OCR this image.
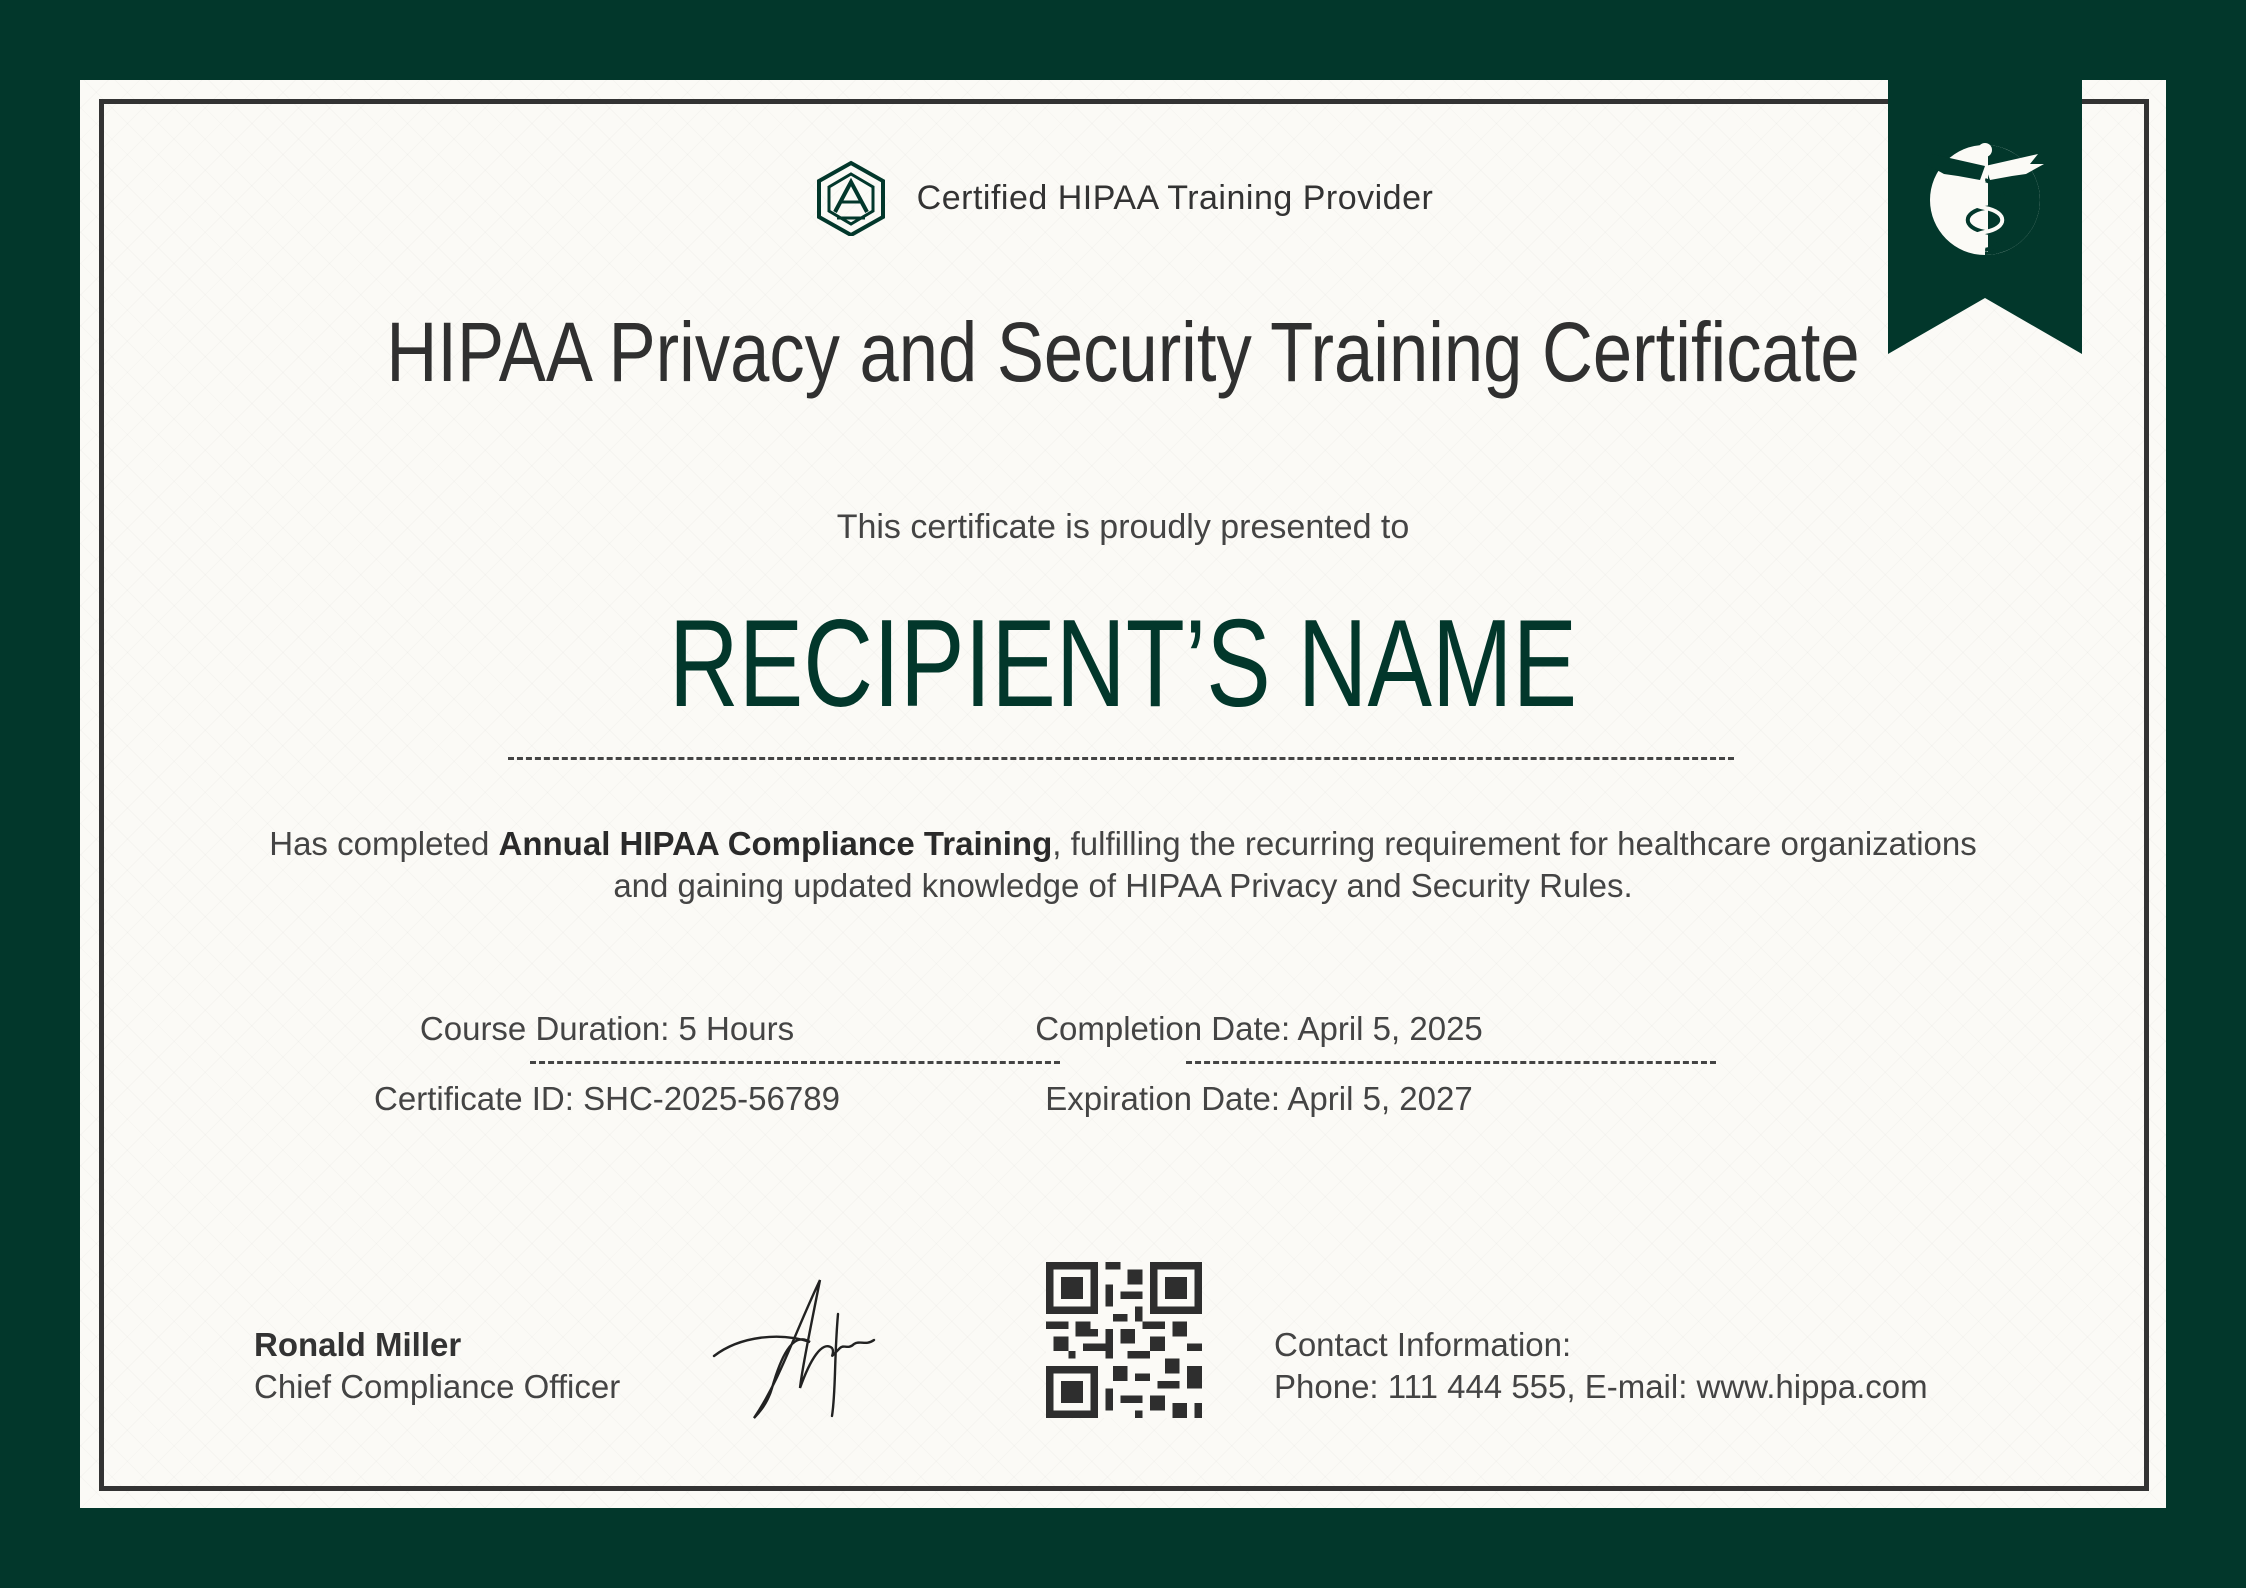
Certified HIPAA Training Provider
HIPAA Privacy and Security Training Certificate
This certificate is proudly presented to
RECIPIENT’S NAME
Has completed Annual HIPAA Compliance Training, fulfilling the recurring requirement for healthcare organizations and gaining updated knowledge of HIPAA Privacy and Security Rules.
Course Duration: 5 Hours
Certificate ID: SHC-2025-56789
Completion Date: April 5, 2025
Expiration Date: April 5, 2027
Ronald Miller
Chief Compliance Officer
Contact Information:
Phone: 111 444 555, E-mail: www.hippa.com
